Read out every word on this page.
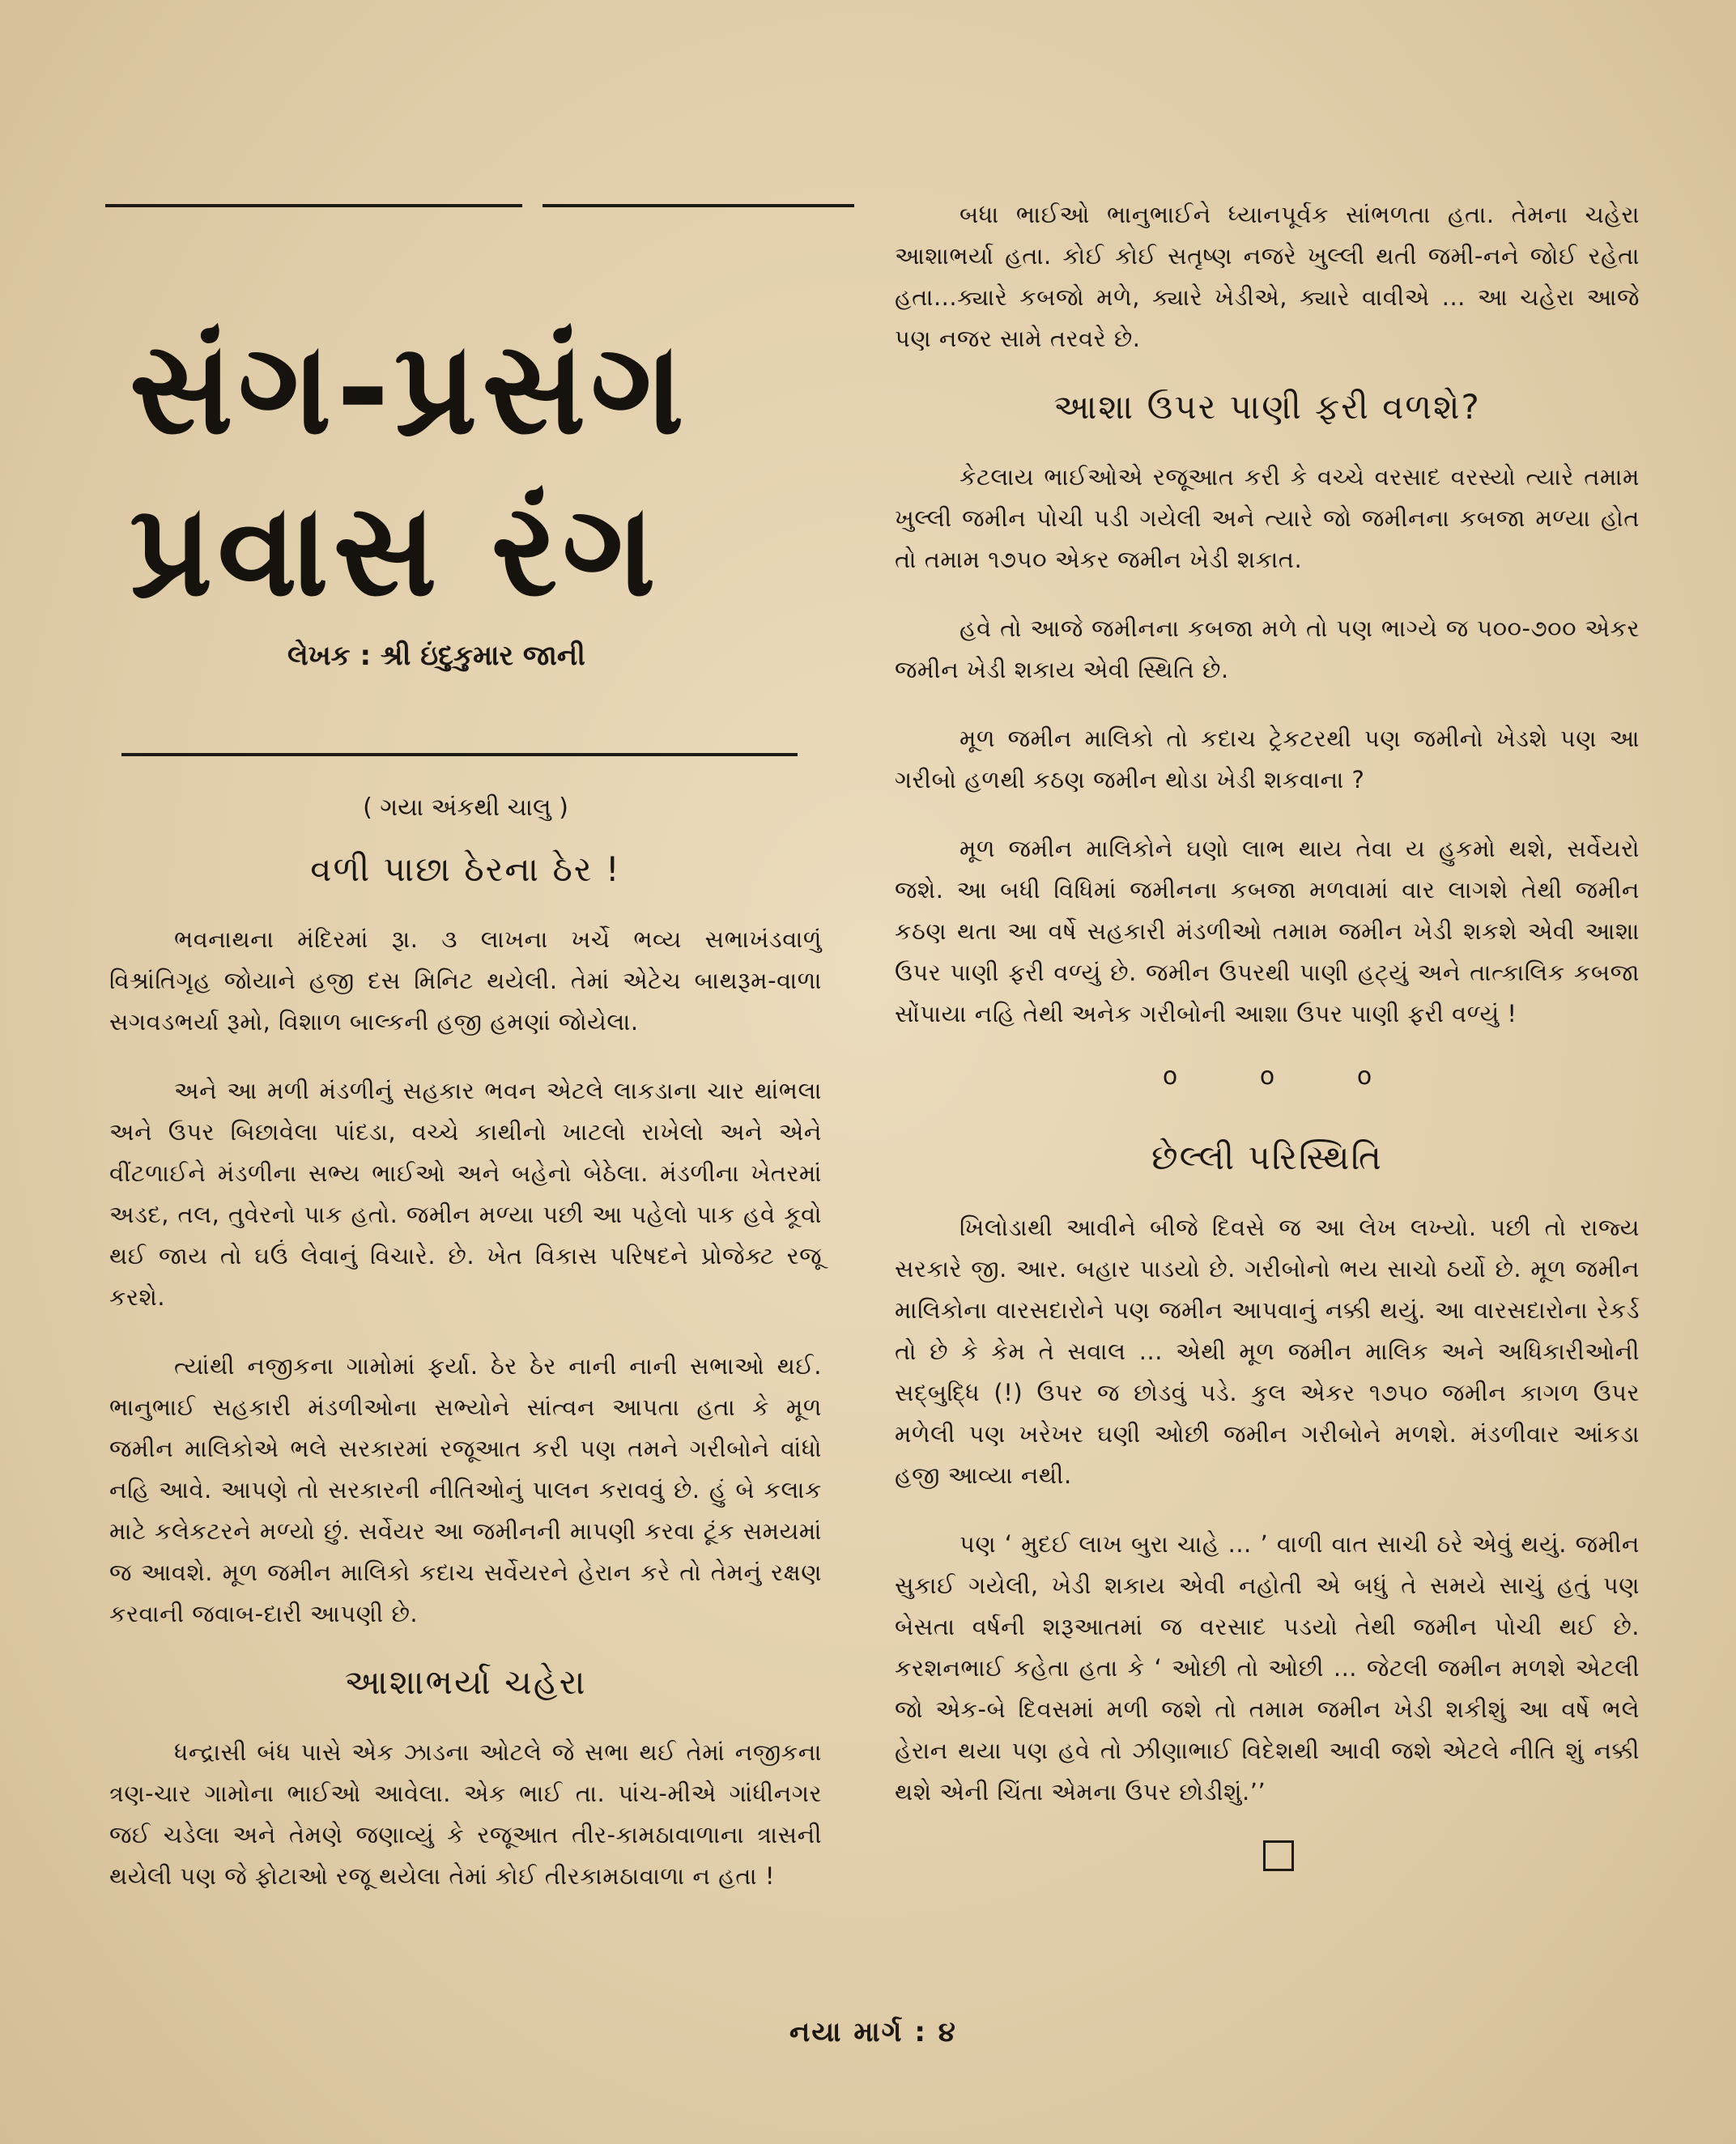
સંગ-પ્રસંગ
પ્રવાસ રંગ
લેખક : શ્રી ઇંદુકુમાર જાની
( ગયા અંકથી ચાલુ )
વળી પાછા ઠેરના ઠેર !

ભવનાથના મંદિરમાં રૂા. ૩ લાખના ખર્ચે ભવ્ય સભાખંડવાળું વિશ્રાંતિગૃહ જોયાને હજી દસ મિનિટ થયેલી. તેમાં એટેચ બાથરૂમ-વાળા સગવડભર્યા રૂમો, વિશાળ બાલ્કની હજી હમણાં જોયેલા.

અને આ મળી મંડળીનું સહકાર ભવન એટલે લાકડાના ચાર થાંભલા અને ઉપર બિછાવેલા પાંદડા, વચ્ચે કાથીનો ખાટલો રાખેલો અને એને વીંટળાઈને મંડળીના સભ્ય ભાઈઓ અને બહેનો બેઠેલા. મંડળીના ખેતરમાં અડદ, તલ, તુવેરનો પાક હતો. જમીન મળ્યા પછી આ પહેલો પાક હવે કૂવો થઈ જાય તો ઘઉં લેવાનું વિચારે. છે. ખેત વિકાસ પરિષદને પ્રોજેક્ટ રજૂ કરશે.

ત્યાંથી નજીકના ગામોમાં ફર્યા. ઠેર ઠેર નાની નાની સભાઓ થઈ. ભાનુભાઈ સહકારી મંડળીઓના સભ્યોને સાંત્વન આપતા હતા કે મૂળ જમીન માલિકોએ ભલે સરકારમાં રજૂઆત કરી પણ તમને ગરીબોને વાંધો નહિ આવે. આપણે તો સરકારની નીતિઓનું પાલન કરાવવું છે. હું બે કલાક માટે કલેકટરને મળ્યો છું. સર્વેયર આ જમીનની માપણી કરવા ટૂંક સમયમાં જ આવશે. મૂળ જમીન માલિકો કદાચ સર્વેયરને હેરાન કરે તો તેમનું રક્ષણ કરવાની જવાબ-દારી આપણી છે.

આશાભર્યા ચહેરા

ધન્દ્રાસી બંધ પાસે એક ઝાડના ઓટલે જે સભા થઈ તેમાં નજીકના ત્રણ-ચાર ગામોના ભાઈઓ આવેલા. એક ભાઈ તા. પાંચ-મીએ ગાંધીનગર જઈ ચડેલા અને તેમણે જણાવ્યું કે રજૂઆત તીર-કામઠાવાળાના ત્રાસની થયેલી પણ જે ફોટાઓ રજૂ થયેલા તેમાં કોઈ તીરકામઠાવાળા ન હતા !

બધા ભાઈઓ ભાનુભાઈને ધ્યાનપૂર્વક સાંભળતા હતા. તેમના ચહેરા આશાભર્યા હતા. કોઈ કોઈ સતૃષ્ણ નજરે ખુલ્લી થતી જમી-નને જોઈ રહેતા હતા...ક્યારે કબજો મળે, ક્યારે ખેડીએ, ક્યારે વાવીએ ... આ ચહેરા આજે પણ નજર સામે તરવરે છે.

આશા ઉપર પાણી ફરી વળશે?

કેટલાય ભાઈઓએ રજૂઆત કરી કે વચ્ચે વરસાદ વરસ્યો ત્યારે તમામ ખુલ્લી જમીન પોચી પડી ગયેલી અને ત્યારે જો જમીનના કબજા મળ્યા હોત તો તમામ ૧૭૫૦ એકર જમીન ખેડી શકાત.

હવે તો આજે જમીનના કબજા મળે તો પણ ભાગ્યે જ ૫૦૦-૭૦૦ એકર જમીન ખેડી શકાય એવી સ્થિતિ છે.

મૂળ જમીન માલિકો તો કદાચ ટ્રેકટરથી પણ જમીનો ખેડશે પણ આ ગરીબો હળથી કઠણ જમીન થોડા ખેડી શકવાના ?

મૂળ જમીન માલિકોને ઘણો લાભ થાય તેવા ય હુકમો થશે, સર્વેયરો જશે. આ બધી વિધિમાં જમીનના કબજા મળવામાં વાર લાગશે તેથી જમીન કઠણ થતા આ વર્ષે સહકારી મંડળીઓ તમામ જમીન ખેડી શકશે એવી આશા ઉપર પાણી ફરી વળ્યું છે. જમીન ઉપરથી પાણી હટ્યું અને તાત્કાલિક કબજા સોંપાયા નહિ તેથી અનેક ગરીબોની આશા ઉપર પાણી ફરી વળ્યું !

o	o	o
છેલ્લી પરિસ્થિતિ

ખિલોડાથી આવીને બીજે દિવસે જ આ લેખ લખ્યો. પછી તો રાજ્ય સરકારે જી. આર. બહાર પાડયો છે. ગરીબોનો ભય સાચો ઠર્યો છે. મૂળ જમીન માલિકોના વારસદારોને પણ જમીન આપવાનું નક્કી થયું. આ વારસદારોના રેકર્ડ તો છે કે કેમ તે સવાલ ... એથી મૂળ જમીન માલિક અને અધિકારીઓની સદ્‌બુદ્ધિ (!) ઉપર જ છોડવું પડે. કુલ એકર ૧૭૫૦ જમીન કાગળ ઉપર મળેલી પણ ખરેખર ઘણી ઓછી જમીન ગરીબોને મળશે. મંડળીવાર આંકડા હજી આવ્યા નથી.

પણ ‘ મુદઈ લાખ બુરા ચાહે ... ’ વાળી વાત સાચી ઠરે એવું થયું. જમીન સુકાઈ ગયેલી, ખેડી શકાય એવી નહોતી એ બધું તે સમયે સાચું હતું પણ બેસતા વર્ષની શરૂઆતમાં જ વરસાદ પડયો તેથી જમીન પોચી થઈ છે. કરશનભાઈ કહેતા હતા કે ‘ ઓછી તો ઓછી ... જેટલી જમીન મળશે એટલી જો એક-બે દિવસમાં મળી જશે તો તમામ જમીન ખેડી શકીશું આ વર્ષે ભલે હેરાન થયા પણ હવે તો ઝીણાભાઈ વિદેશથી આવી જશે એટલે નીતિ શું નક્કી થશે એની ચિંતા એમના ઉપર છોડીશું.’’

નયા માર્ગ : ૪
